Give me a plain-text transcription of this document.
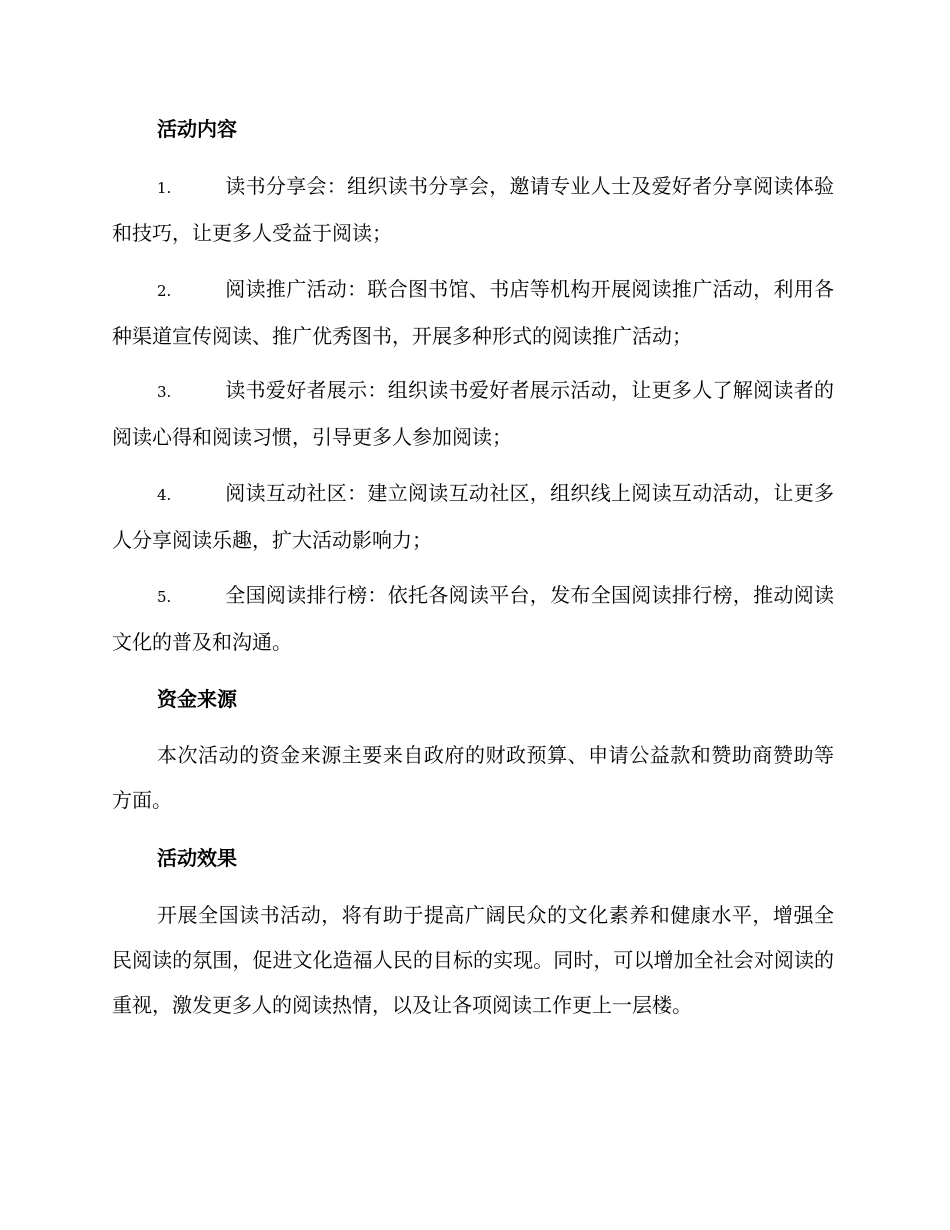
活动内容
1.	读书分享会：组织读书分享会，邀请专业人士及爱好者分享阅读体验和技巧，让更多人受益于阅读；
2.	阅读推广活动：联合图书馆、书店等机构开展阅读推广活动，利用各种渠道宣传阅读、推广优秀图书，开展多种形式的阅读推广活动；
3.	读书爱好者展示：组织读书爱好者展示活动，让更多人了解阅读者的阅读心得和阅读习惯，引导更多人参加阅读；
4.	阅读互动社区：建立阅读互动社区，组织线上阅读互动活动，让更多人分享阅读乐趣，扩大活动影响力；
5.	全国阅读排行榜：依托各阅读平台，发布全国阅读排行榜，推动阅读文化的普及和沟通。
资金来源
本次活动的资金来源主要来自政府的财政预算、申请公益款和赞助商赞助等方面。
活动效果
开展全国读书活动，将有助于提高广阔民众的文化素养和健康水平，增强全民阅读的氛围，促进文化造福人民的目标的实现。同时，可以增加全社会对阅读的重视，激发更多人的阅读热情，以及让各项阅读工作更上一层楼。
